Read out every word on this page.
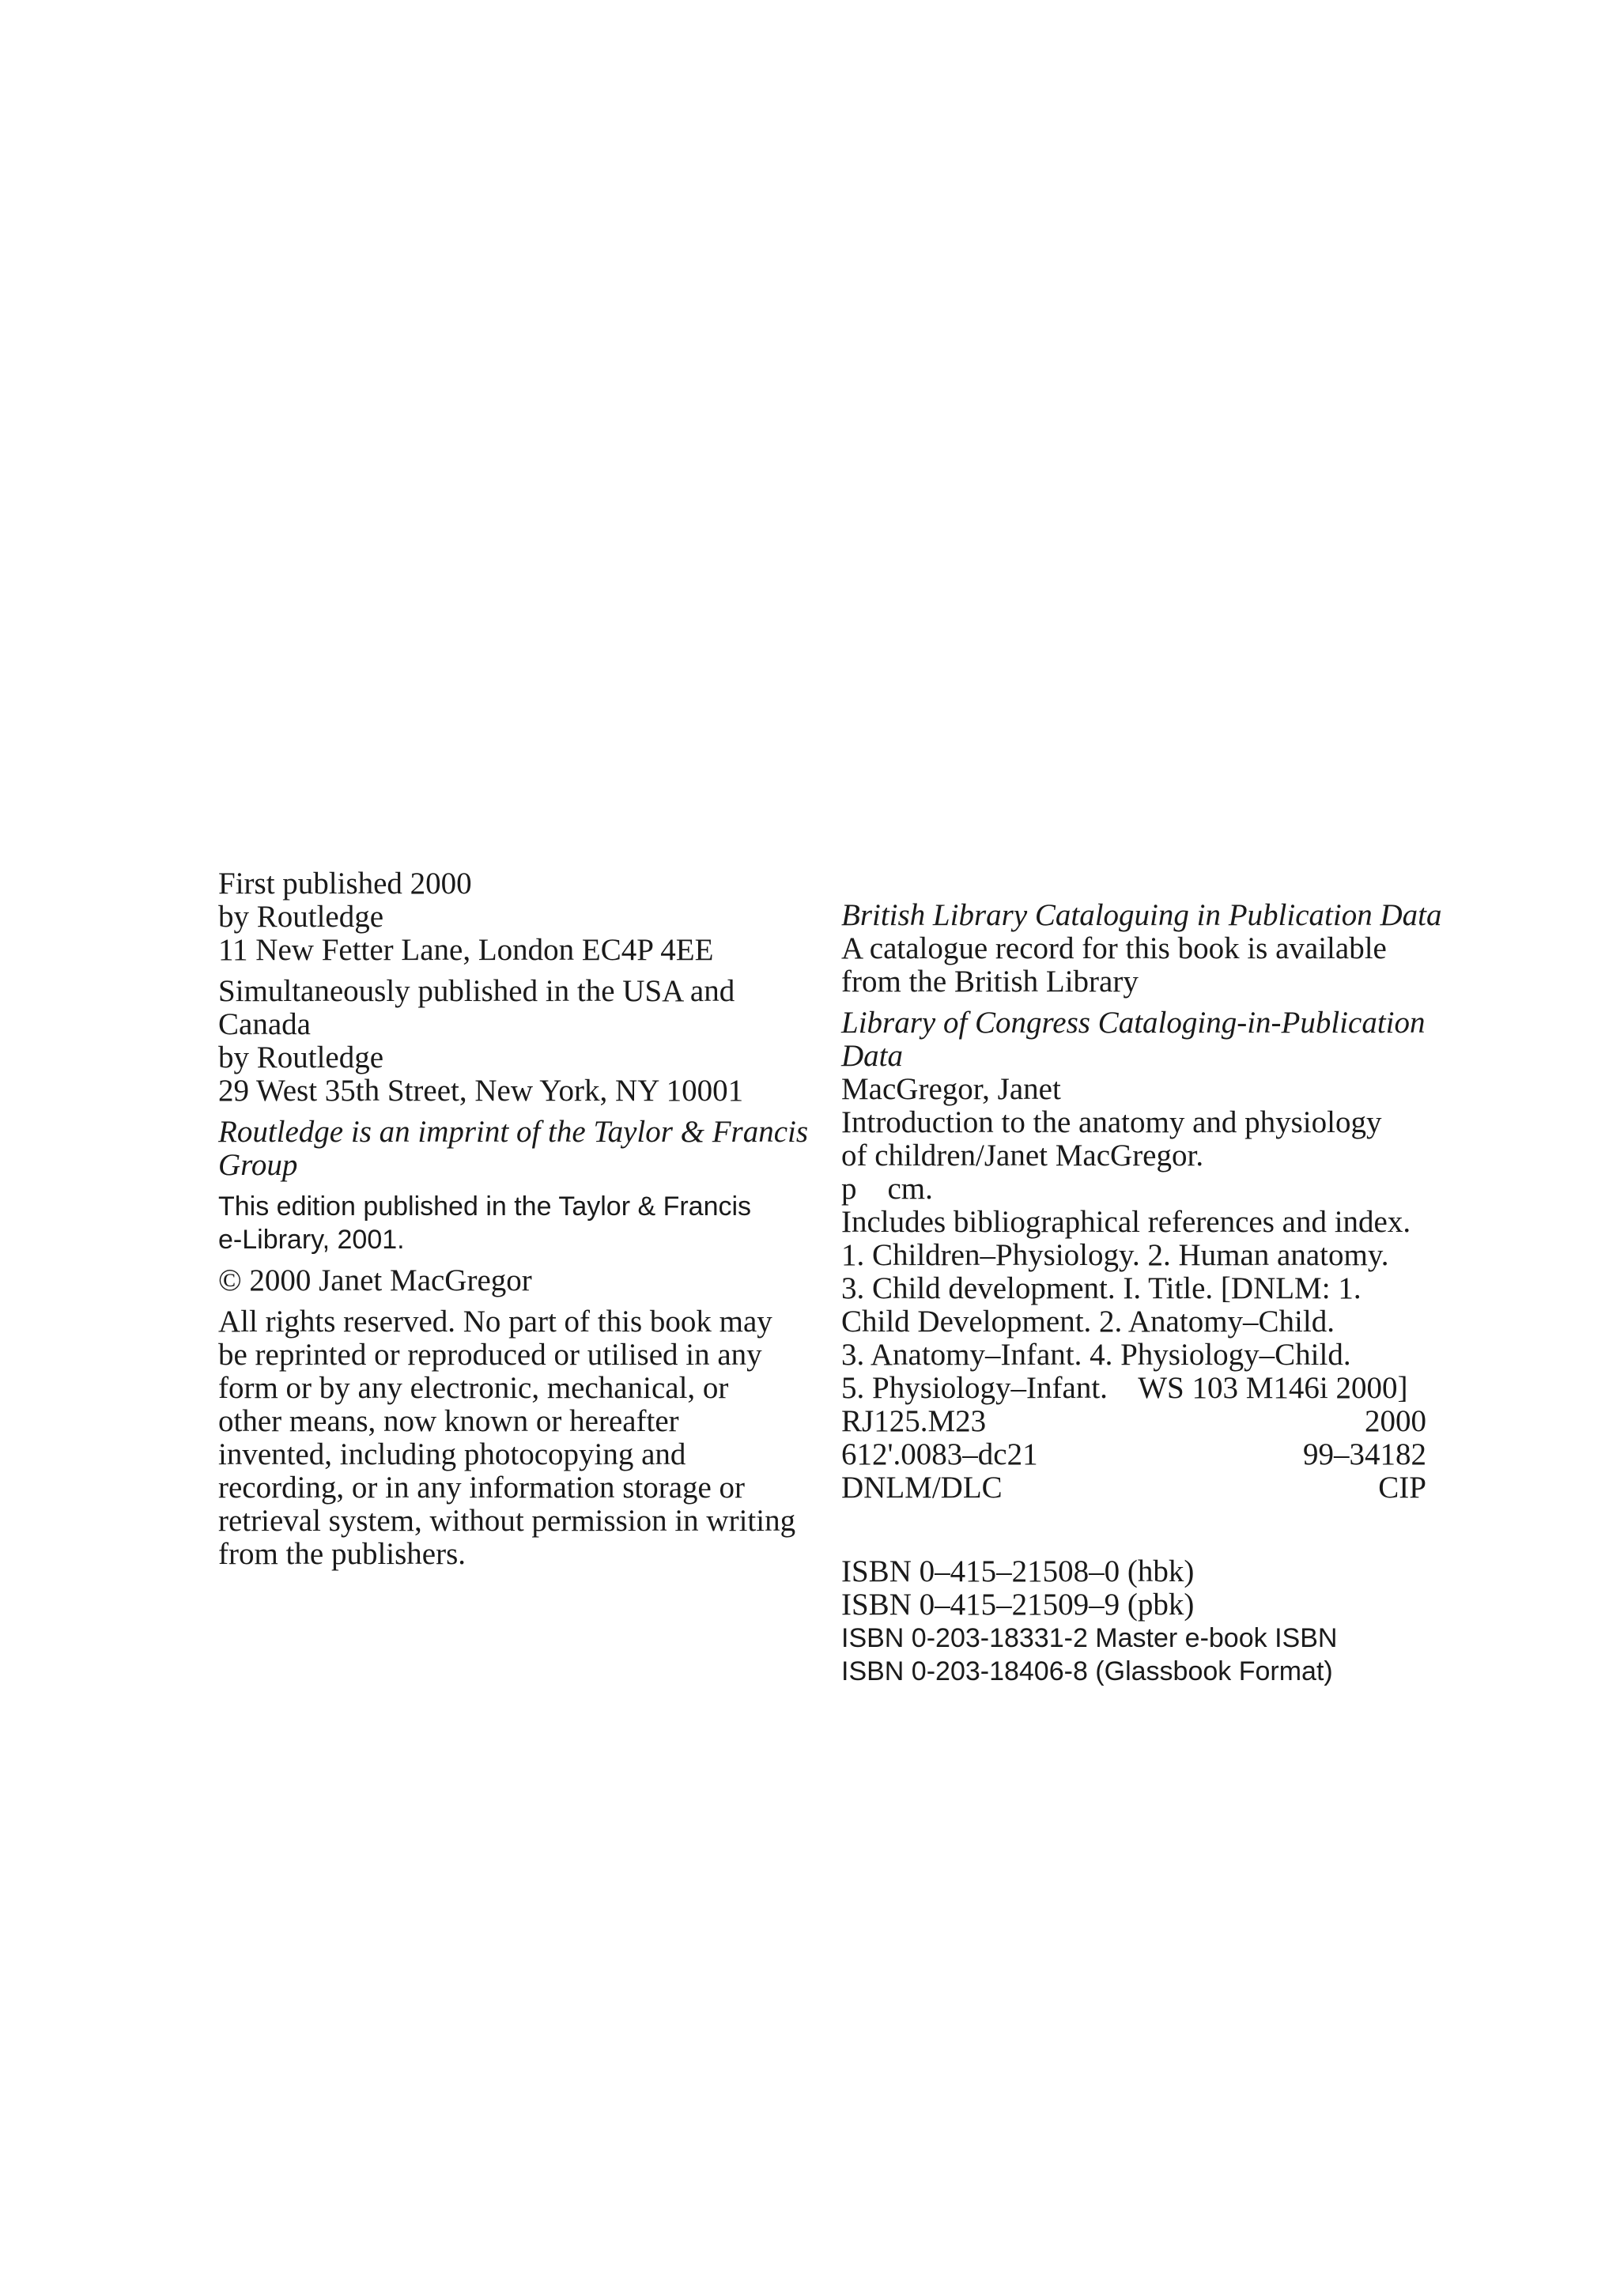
First published 2000
by Routledge
11 New Fetter Lane, London EC4P 4EE
Simultaneously published in the USA and
Canada
by Routledge
29 West 35th Street, New York, NY 10001
Routledge is an imprint of the Taylor & Francis
Group
This edition published in the Taylor & Francis
e-Library, 2001.
© 2000 Janet MacGregor
All rights reserved. No part of this book may
be reprinted or reproduced or utilised in any
form or by any electronic, mechanical, or
other means, now known or hereafter
invented, including photocopying and
recording, or in any information storage or
retrieval system, without permission in writing
from the publishers.
British Library Cataloguing in Publication Data
A catalogue record for this book is available
from the British Library
Library of Congress Cataloging-in-Publication
Data
MacGregor, Janet
Introduction to the anatomy and physiology
of children/Janet MacGregor.
p    cm.
Includes bibliographical references and index.
1. Children–Physiology. 2. Human anatomy.
3. Child development. I. Title. [DNLM: 1.
Child Development. 2. Anatomy–Child.
3. Anatomy–Infant. 4. Physiology–Child.
5. Physiology–Infant.    WS 103 M146i 2000]
RJ125.M23	2000
612'.0083–dc21	99–34182
DNLM/DLC	CIP
ISBN 0–415–21508–0 (hbk)
ISBN 0–415–21509–9 (pbk)
ISBN 0-203-18331-2 Master e-book ISBN
ISBN 0-203-18406-8 (Glassbook Format)
